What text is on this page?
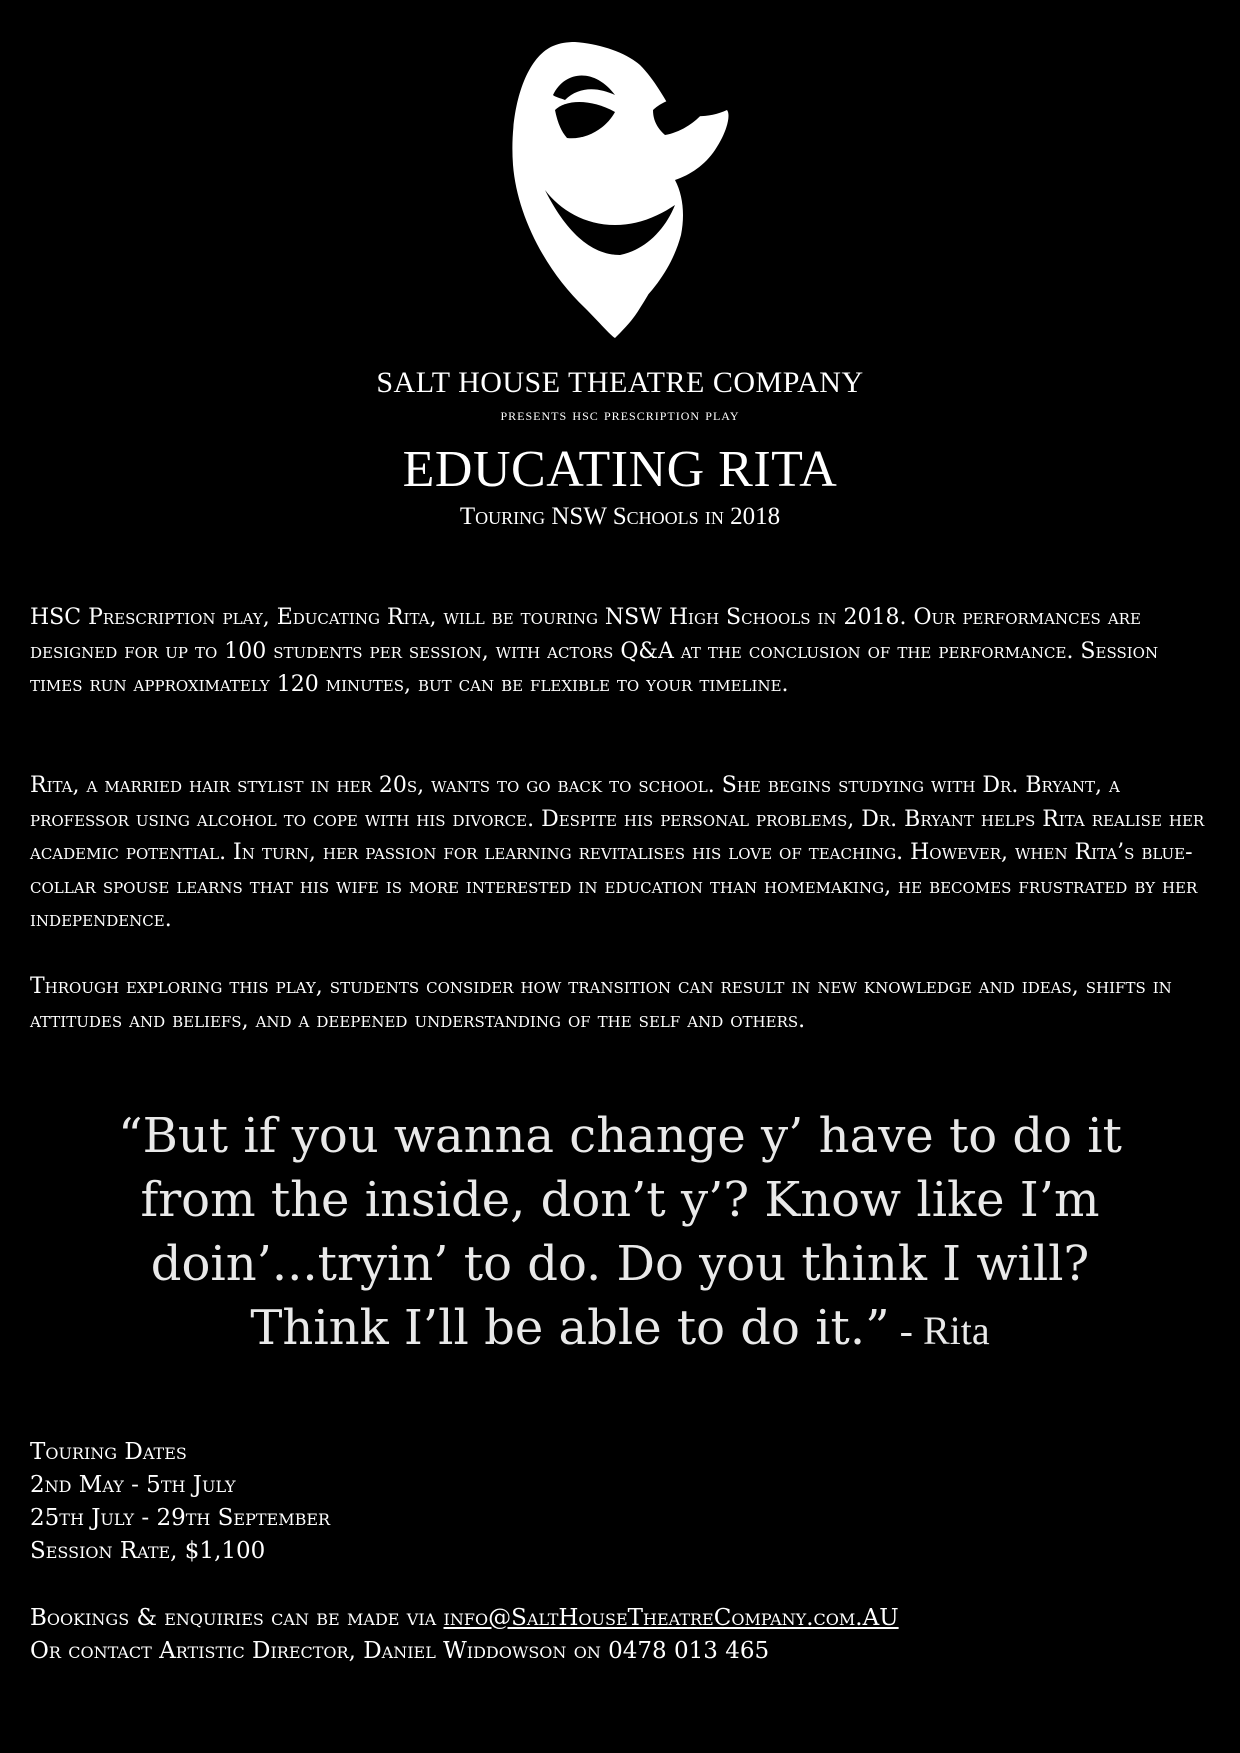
SALT HOUSE THEATRE COMPANY
presents hsc prescription play
EDUCATING RITA
Touring NSW Schools in 2018

HSC Prescription play, Educating Rita, will be touring NSW High Schools in 2018. Our performances are designed for up to 100 students per session, with actors Q&A at the conclusion of the performance. Session times run approximately 120 minutes, but can be flexible to your timeline.

Rita, a married hair stylist in her 20s, wants to go back to school. She begins studying with Dr. Bryant, a professor using alcohol to cope with his divorce. Despite his personal problems, Dr. Bryant helps Rita realise her academic potential. In turn, her passion for learning revitalises his love of teaching. However, when Rita’s blue-collar spouse learns that his wife is more interested in education than homemaking, he becomes frustrated by her independence.

Through exploring this play, students consider how transition can result in new knowledge and ideas, shifts in attitudes and beliefs, and a deepened understanding of the self and others.

“But if you wanna change y’ have to do it from the inside, don’t y’? Know like I’m doin’...tryin’ to do. Do you think I will? Think I’ll be able to do it.” - Rita

Touring Dates
2nd May - 5th July
25th July - 29th September
Session Rate, $1,100
Bookings & enquiries can be made via info@SaltHouseTheatreCompany.com.AU
Or contact Artistic Director, Daniel Widdowson on 0478 013 465
